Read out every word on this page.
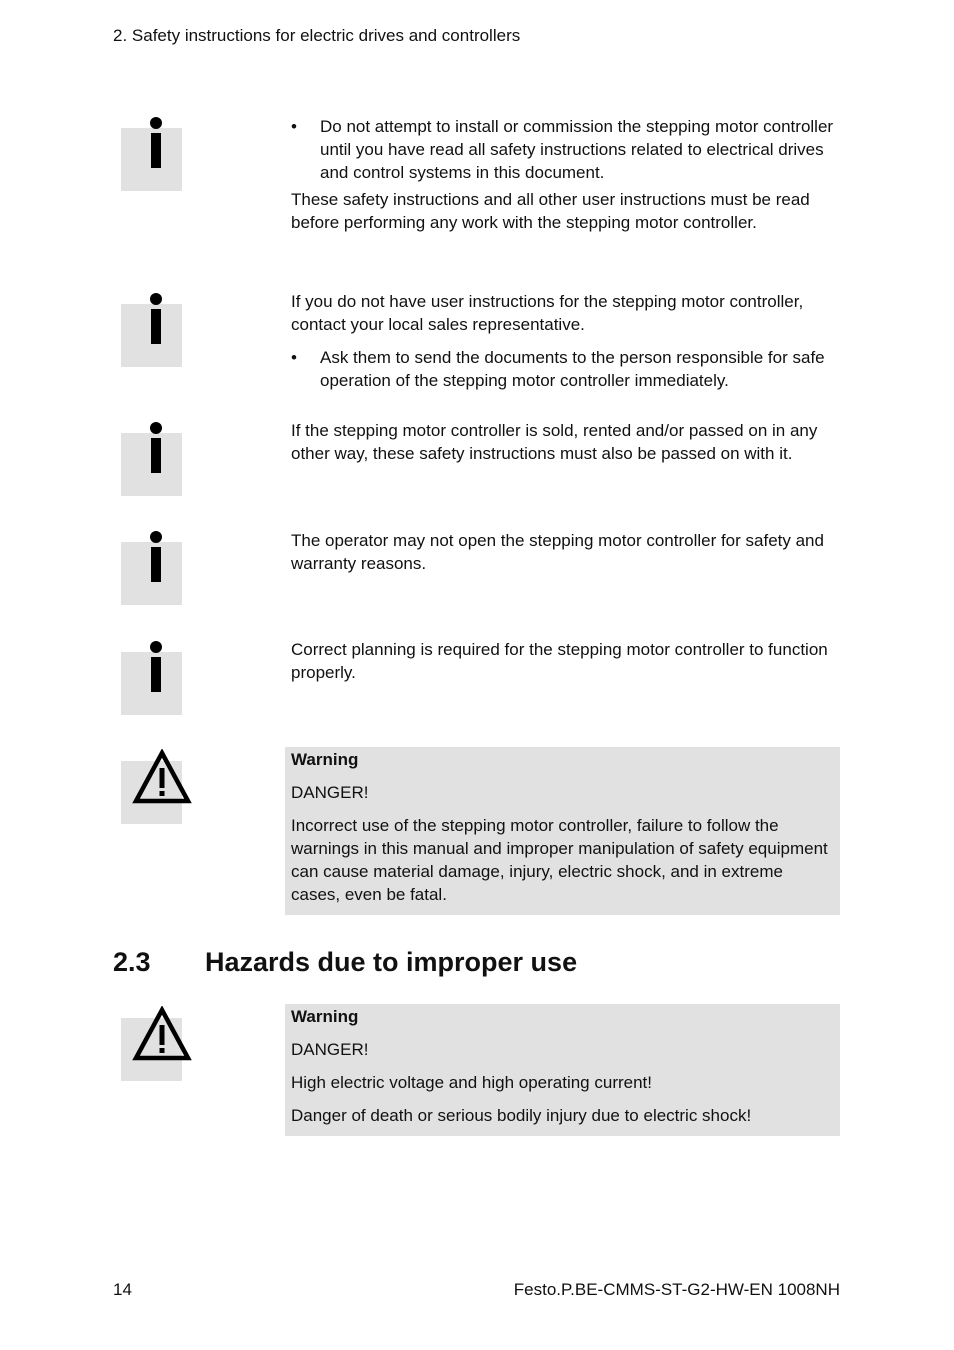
2. Safety instructions for electric drives and controllers

• Do not attempt to install or commission the stepping motor controller until you have read all safety instructions related to electrical drives and control systems in this document.

These safety instructions and all other user instructions must be read before performing any work with the stepping motor controller.

If you do not have user instructions for the stepping motor controller, contact your local sales representative.

• Ask them to send the documents to the person responsible for safe operation of the stepping motor controller immediately.

If the stepping motor controller is sold, rented and/or passed on in any other way, these safety instructions must also be passed on with it.

The operator may not open the stepping motor controller for safety and warranty reasons.

Correct planning is required for the stepping motor controller to function properly.

Warning

DANGER!

Incorrect use of the stepping motor controller, failure to follow the warnings in this manual and improper manipulation of safety equipment can cause material damage, injury, electric shock, and in extreme cases, even be fatal.

2.3 Hazards due to improper use

Warning

DANGER!

High electric voltage and high operating current!

Danger of death or serious bodily injury due to electric shock!

14	Festo.P.BE-CMMS-ST-G2-HW-EN 1008NH
